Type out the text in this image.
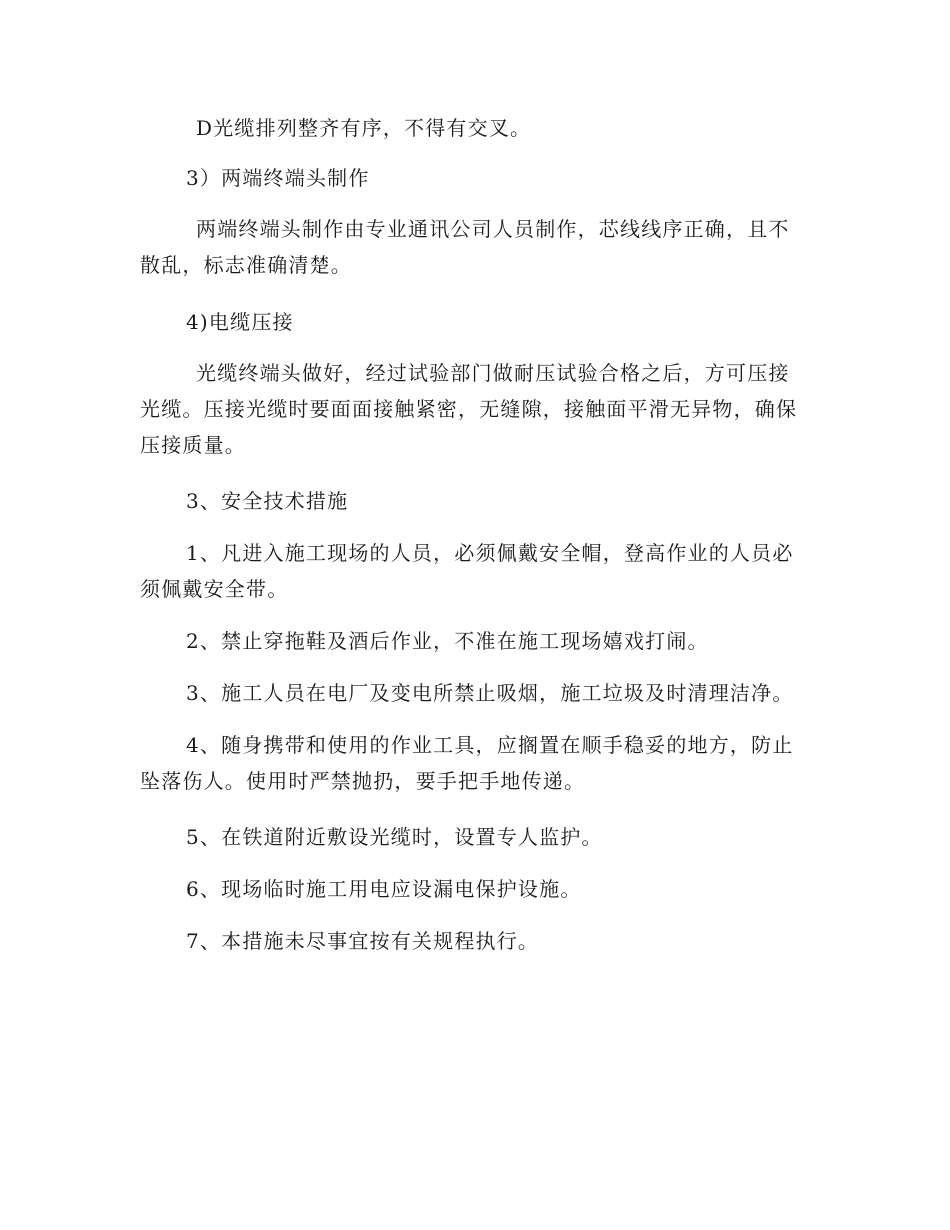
D光缆排列整齐有序，不得有交叉。
3）两端终端头制作
两端终端头制作由专业通讯公司人员制作，芯线线序正确，且不散乱，标志准确清楚。
4)电缆压接
光缆终端头做好，经过试验部门做耐压试验合格之后，方可压接光缆。压接光缆时要面面接触紧密，无缝隙，接触面平滑无异物，确保压接质量。
3、安全技术措施
1、凡进入施工现场的人员，必须佩戴安全帽，登高作业的人员必须佩戴安全带。
2、禁止穿拖鞋及酒后作业，不准在施工现场嬉戏打闹。
3、施工人员在电厂及变电所禁止吸烟，施工垃圾及时清理洁净。
4、随身携带和使用的作业工具，应搁置在顺手稳妥的地方，防止坠落伤人。使用时严禁抛扔，要手把手地传递。
5、在铁道附近敷设光缆时，设置专人监护。
6、现场临时施工用电应设漏电保护设施。
7、本措施未尽事宜按有关规程执行。
